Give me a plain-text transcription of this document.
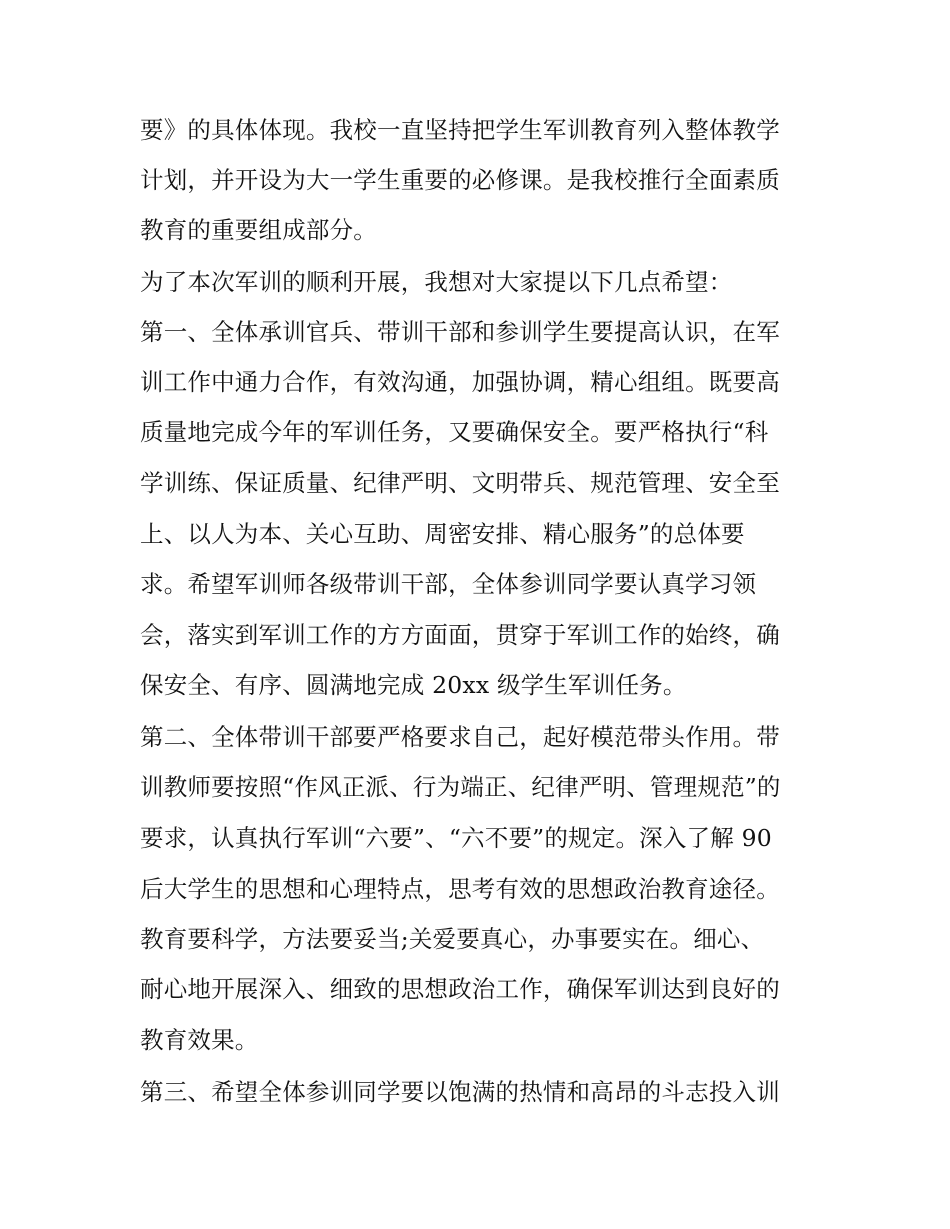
要》的具体体现。我校一直坚持把学生军训教育列入整体教学
计划，并开设为大一学生重要的必修课。是我校推行全面素质
教育的重要组成部分。
为了本次军训的顺利开展，我想对大家提以下几点希望：
第一、全体承训官兵、带训干部和参训学生要提高认识，在军
训工作中通力合作，有效沟通，加强协调，精心组组。既要高
质量地完成今年的军训任务，又要确保安全。要严格执行“科
学训练、保证质量、纪律严明、文明带兵、规范管理、安全至
上、以人为本、关心互助、周密安排、精心服务”的总体要
求。希望军训师各级带训干部，全体参训同学要认真学习领
会，落实到军训工作的方方面面，贯穿于军训工作的始终，确
保安全、有序、圆满地完成 20xx 级学生军训任务。
第二、全体带训干部要严格要求自己，起好模范带头作用。带
训教师要按照“作风正派、行为端正、纪律严明、管理规范”的
要求，认真执行军训“六要”、“六不要”的规定。深入了解 90
后大学生的思想和心理特点，思考有效的思想政治教育途径。
教育要科学，方法要妥当;关爱要真心，办事要实在。细心、
耐心地开展深入、细致的思想政治工作，确保军训达到良好的
教育效果。
第三、希望全体参训同学要以饱满的热情和高昂的斗志投入训
